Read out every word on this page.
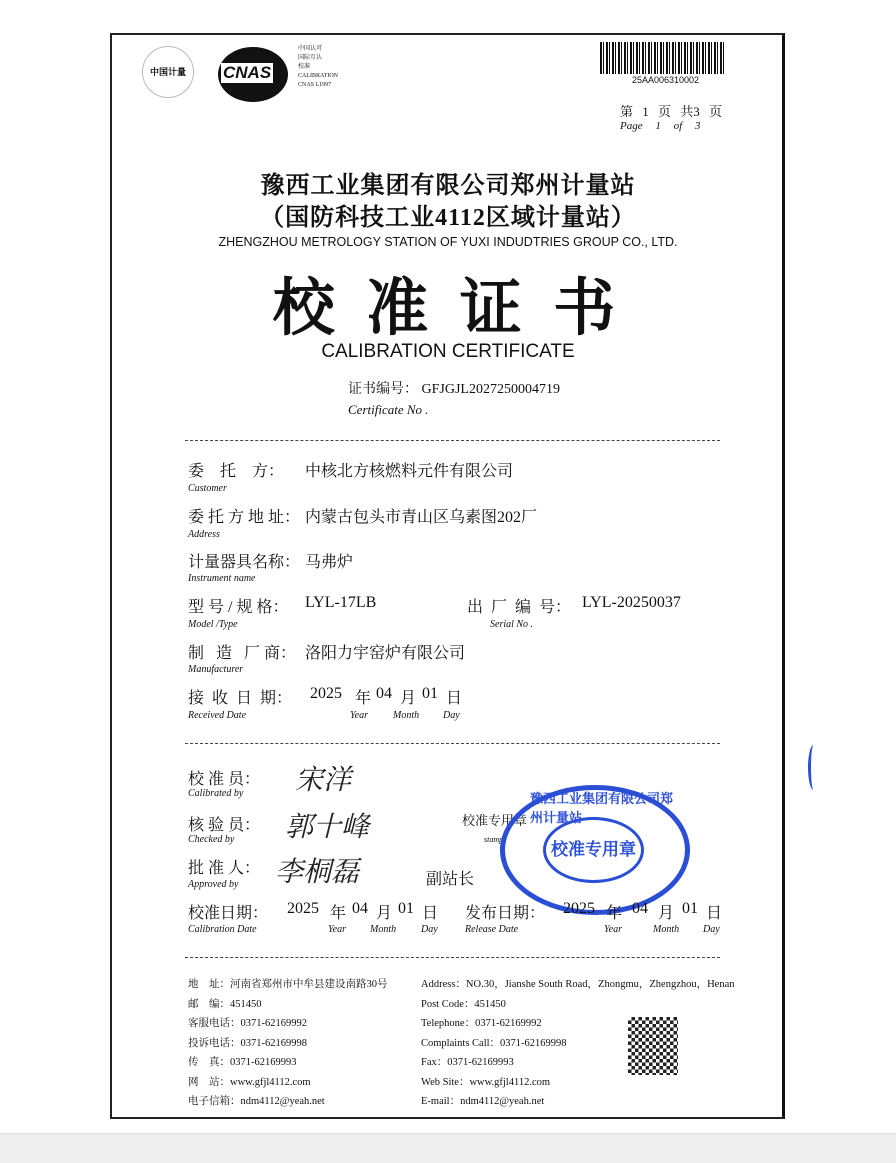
中国计量	CNAS
中国认可
国际互认
校准
CALIBRATION
CNAS L1997	25AA006310002
第 1 页 共3 页
Page 1 of 3
豫西工业集团有限公司郑州计量站
（国防科技工业4112区域计量站）
ZHENGZHOU METROLOGY STATION OF YUXI INDUDTRIES GROUP CO., LTD.
校 准 证 书
CALIBRATION CERTIFICATE
证书编号： GFJGJL2027250004719
Certificate No .
委    托    方：
Customer
中核北方核燃料元件有限公司
委 托 方 地 址：
Address
内蒙古包头市青山区乌素图202厂
计量器具名称：
Instrument name
马弗炉
型 号 / 规 格：
Model /Type
LYL-17LB	出  厂  编  号：
Serial No .
LYL-20250037
制   造   厂 商：
Manufacturer
洛阳力宇窑炉有限公司
接  收  日  期：
Received Date
2025 年 04 月 01 日
Year	Month Day
校 准 员：
Calibrated by 宋洋
核 验 员：
Checked by 郭十峰
批 准 人：
Approved by 李桐磊	副站长
校准专用章
stamp
豫西工业集团有限公司郑州计量站
校准专用章
校准日期：
Calibration Date
2025 年 04 月 01 日
Year Month Day
发布日期：
Release Date
2025 年 04 月 01 日
Year	Month Day
地    址：河南省郑州市中牟县建设南路30号
邮    编：451450
客服电话：0371-62169992
投诉电话：0371-62169998
传    真：0371-62169993
网    站：www.gfjl4112.com
电子信箱：ndm4112@yeah.net
Address：NO.30，Jianshe South Road，Zhongmu，Zhengzhou，Henan
Post Code：451450
Telephone：0371-62169992
Complaints Call：0371-62169998
Fax：0371-62169993
Web Site：www.gfjl4112.com
E-mail：ndm4112@yeah.net
